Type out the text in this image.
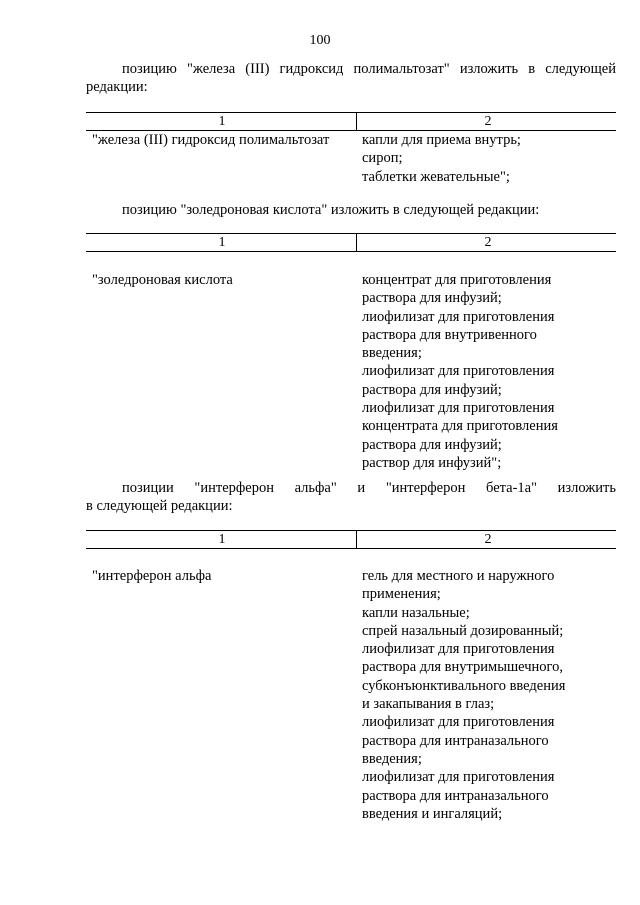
100
позицию "железа (III) гидроксид полимальтозат" изложить в следующей
редакции:
1	2
"железа (III) гидроксид полимальтозат	капли для приема внутрь;
сироп;
таблетки жевательные";
позицию "золедроновая кислота" изложить в следующей редакции:
1	2
"золедроновая кислота	концентрат для приготовления
раствора для инфузий;
лиофилизат для приготовления
раствора для внутривенного
введения;
лиофилизат для приготовления
раствора для инфузий;
лиофилизат для приготовления
концентрата для приготовления
раствора для инфузий;
раствор для инфузий";
позиции "интерферон альфа" и "интерферон бета-1a" изложить
в следующей редакции:
1	2
"интерферон альфа	гель для местного и наружного
применения;
капли назальные;
спрей назальный дозированный;
лиофилизат для приготовления
раствора для внутримышечного,
субконъюнктивального введения
и закапывания в глаз;
лиофилизат для приготовления
раствора для интраназального
введения;
лиофилизат для приготовления
раствора для интраназального
введения и ингаляций;
